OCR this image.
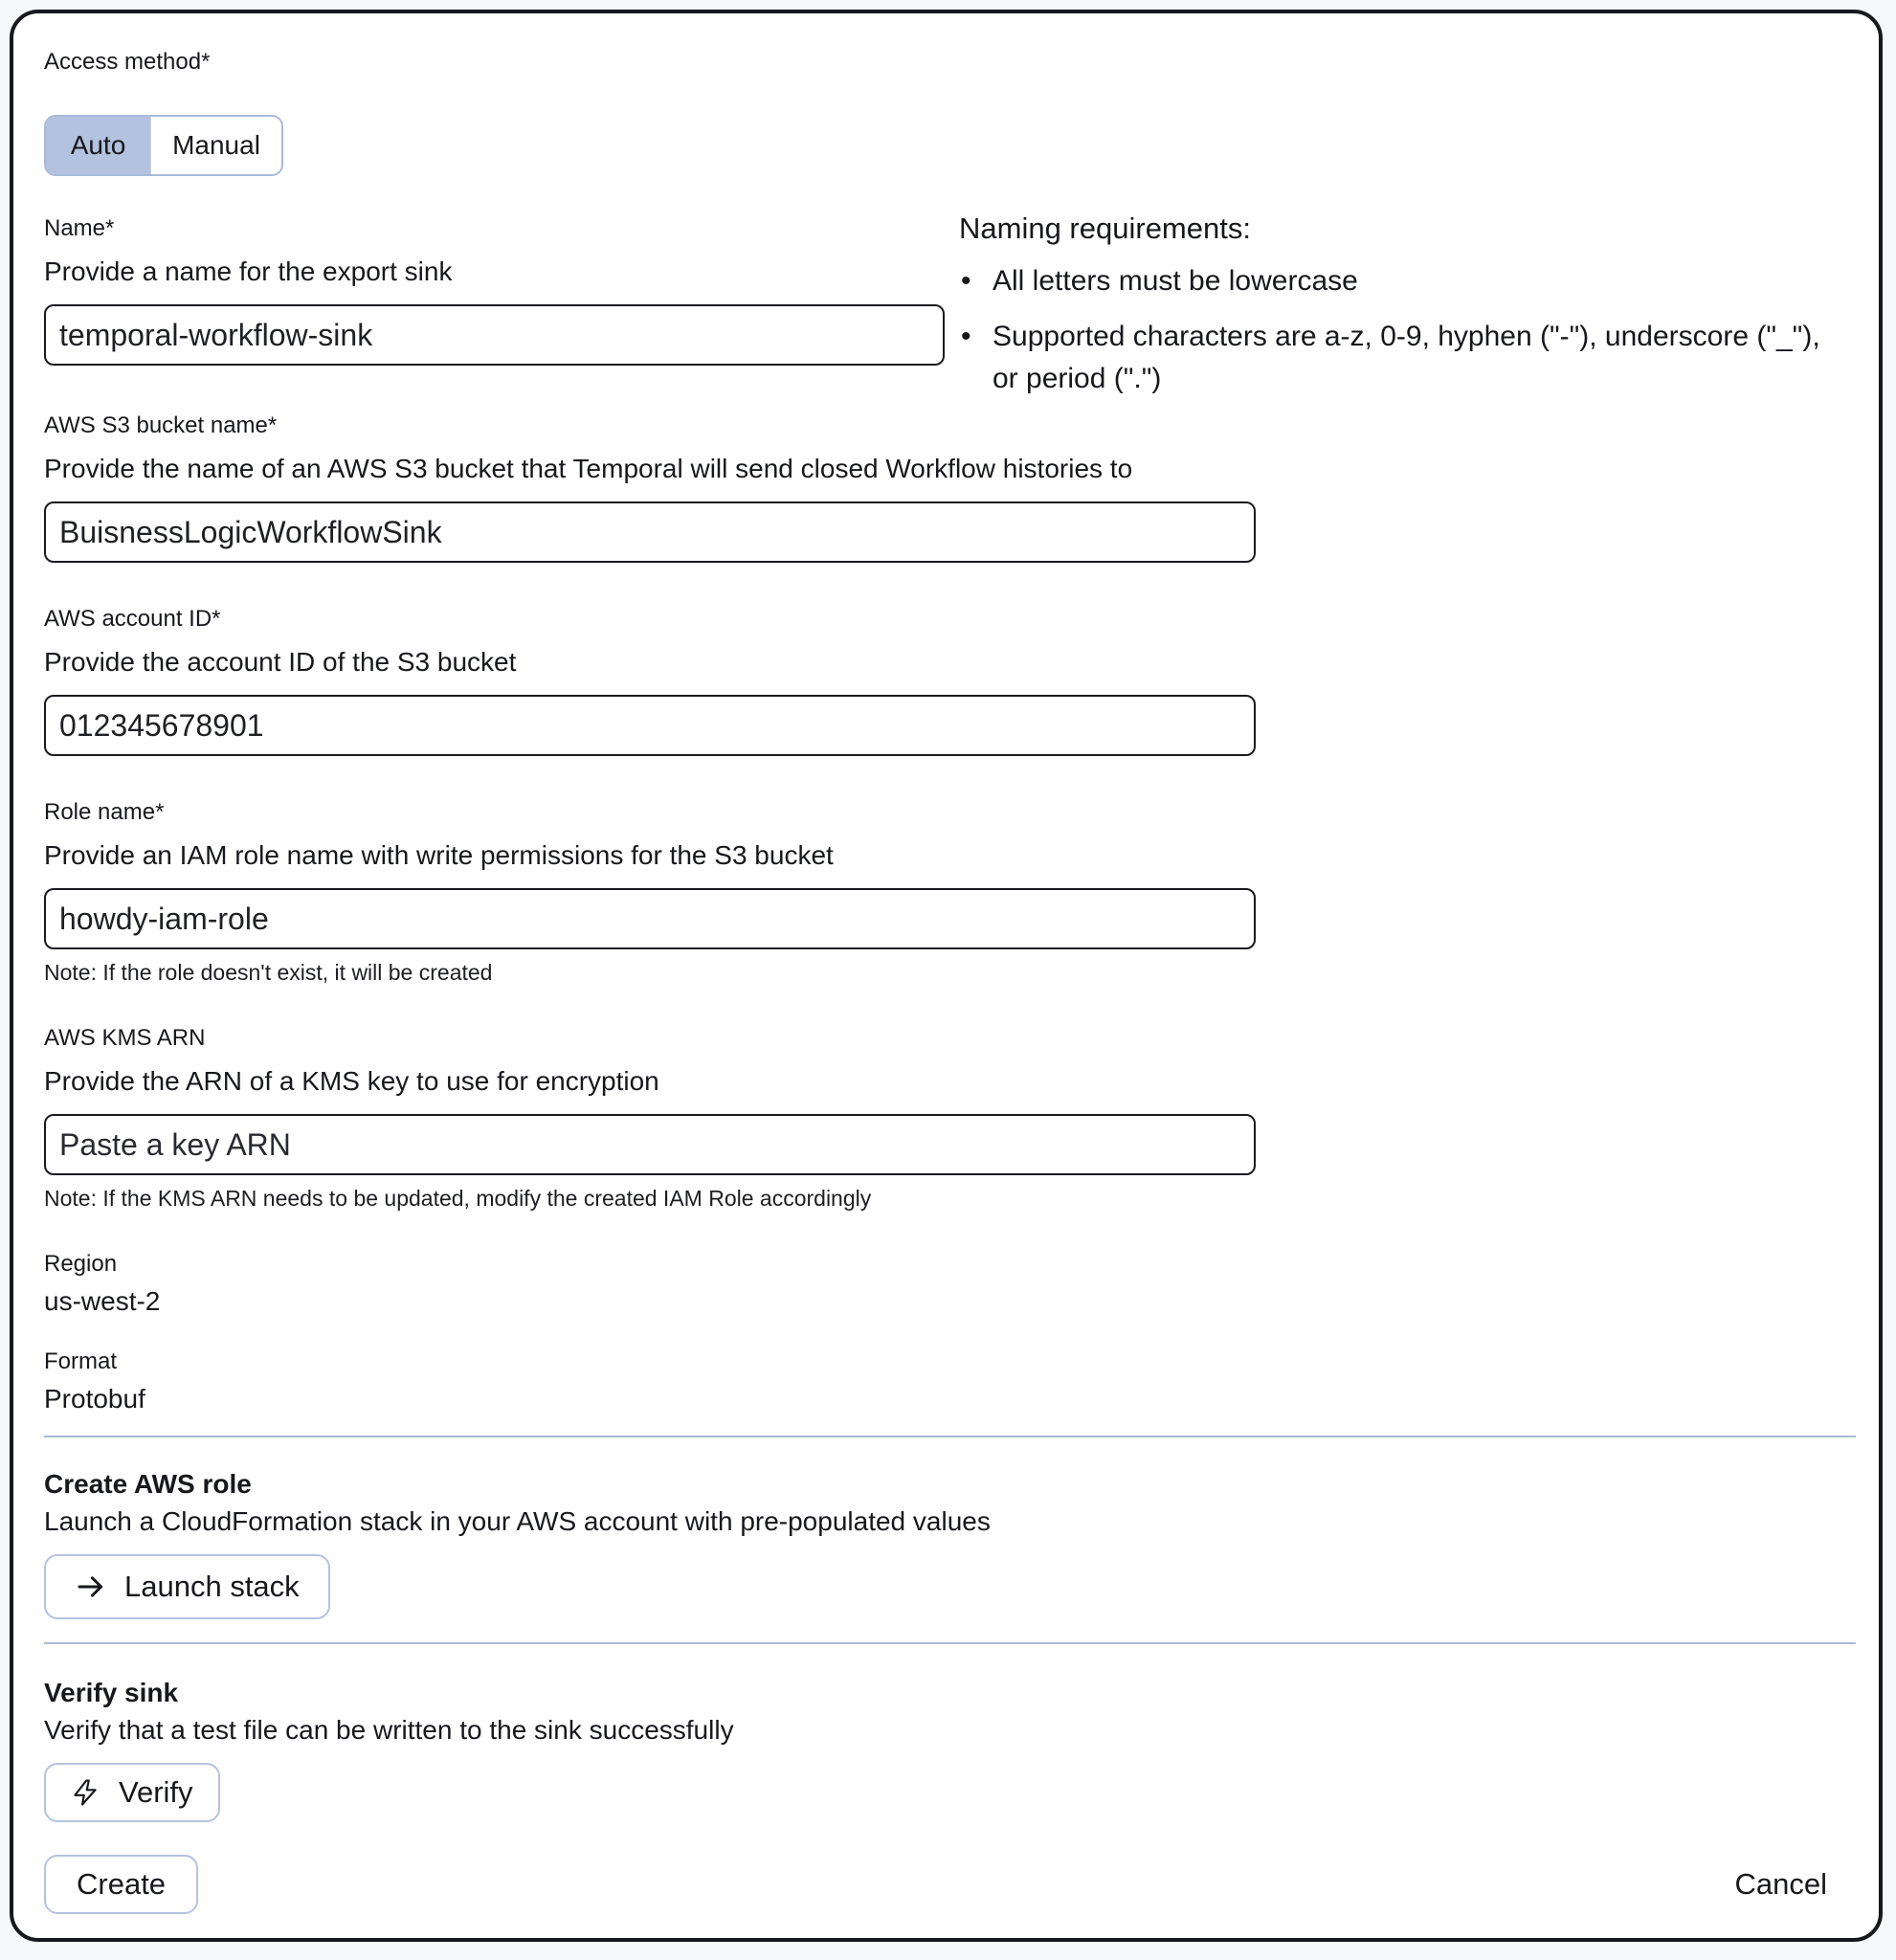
Access method*
Auto Manual
Name*
Provide a name for the export sink
temporal-workflow-sink
Naming requirements:
• All letters must be lowercase
• Supported characters are a-z, 0-9, hyphen ("-"), underscore ("_"), or period (".")
AWS S3 bucket name*
Provide the name of an AWS S3 bucket that Temporal will send closed Workflow histories to
BuisnessLogicWorkflowSink
AWS account ID*
Provide the account ID of the S3 bucket
012345678901
Role name*
Provide an IAM role name with write permissions for the S3 bucket
howdy-iam-role
Note: If the role doesn't exist, it will be created
AWS KMS ARN
Provide the ARN of a KMS key to use for encryption
Paste a key ARN
Note: If the KMS ARN needs to be updated, modify the created IAM Role accordingly
Region
us-west-2
Format
Protobuf
Create AWS role
Launch a CloudFormation stack in your AWS account with pre-populated values
Launch stack
Verify sink
Verify that a test file can be written to the sink successfully
Verify
Create	Cancel
